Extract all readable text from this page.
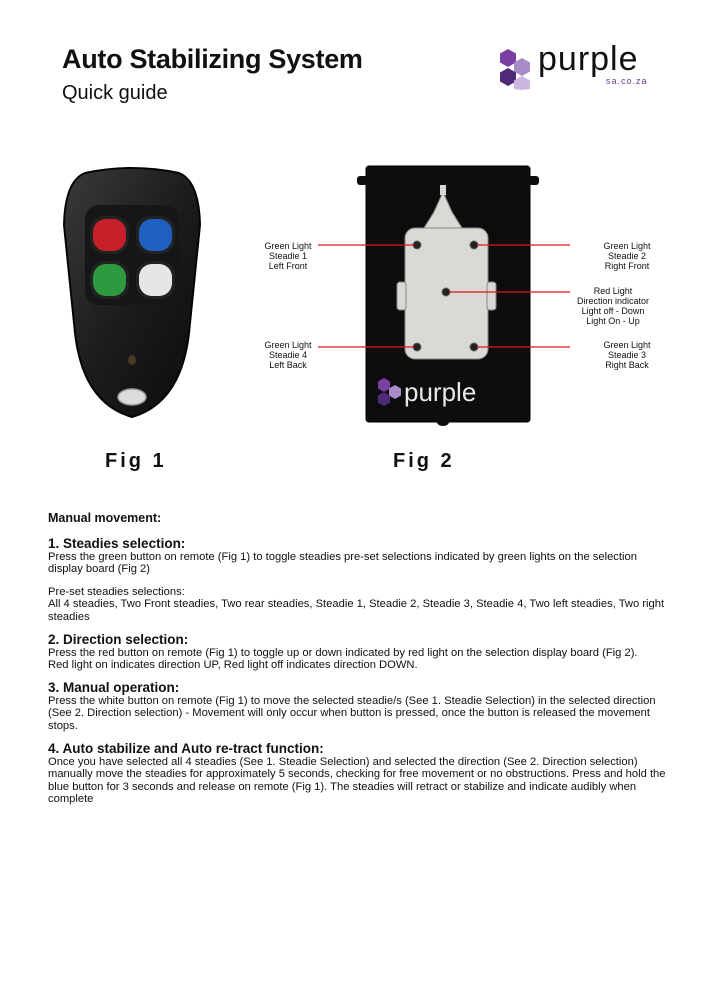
Auto Stabilizing System
Quick guide
purple
sa.co.za
purple
Green Light
Steadie 1
Left Front
Green Light
Steadie 2
Right Front
Red Light
Direction indicator
Light off - Down
Light On - Up
Green Light
Steadie 4
Left Back
Green Light
Steadie 3
Right Back
Fig 1	Fig 2
Manual movement:
1. Steadies selection:

Press the green button on remote (Fig 1) to toggle steadies pre-set selections indicated by green lights on the selection display board (Fig 2)

Pre-set steadies selections:

All 4 steadies, Two Front steadies, Two rear steadies, Steadie 1, Steadie 2, Steadie 3, Steadie 4, Two left steadies, Two right steadies

2. Direction selection:

Press the red button on remote (Fig 1) to toggle up or down indicated by red light on the selection display board (Fig 2).

Red light on indicates direction UP, Red light off indicates direction DOWN.

3. Manual operation:

Press the white button on remote (Fig 1) to move the selected steadie/s (See 1. Steadie Selection) in the selected direction (See 2. Direction selection) - Movement will only occur when button is pressed, once the button is released the movement stops.

4. Auto stabilize and Auto re-tract function:

Once you have selected all 4 steadies (See 1. Steadie Selection) and selected the direction (See 2. Direction selection) manually move the steadies for approximately 5 seconds, checking for free movement or no obstructions. Press and hold the blue button for 3 seconds and release on remote (Fig 1). The steadies will retract or stabilize and indicate audibly when complete
